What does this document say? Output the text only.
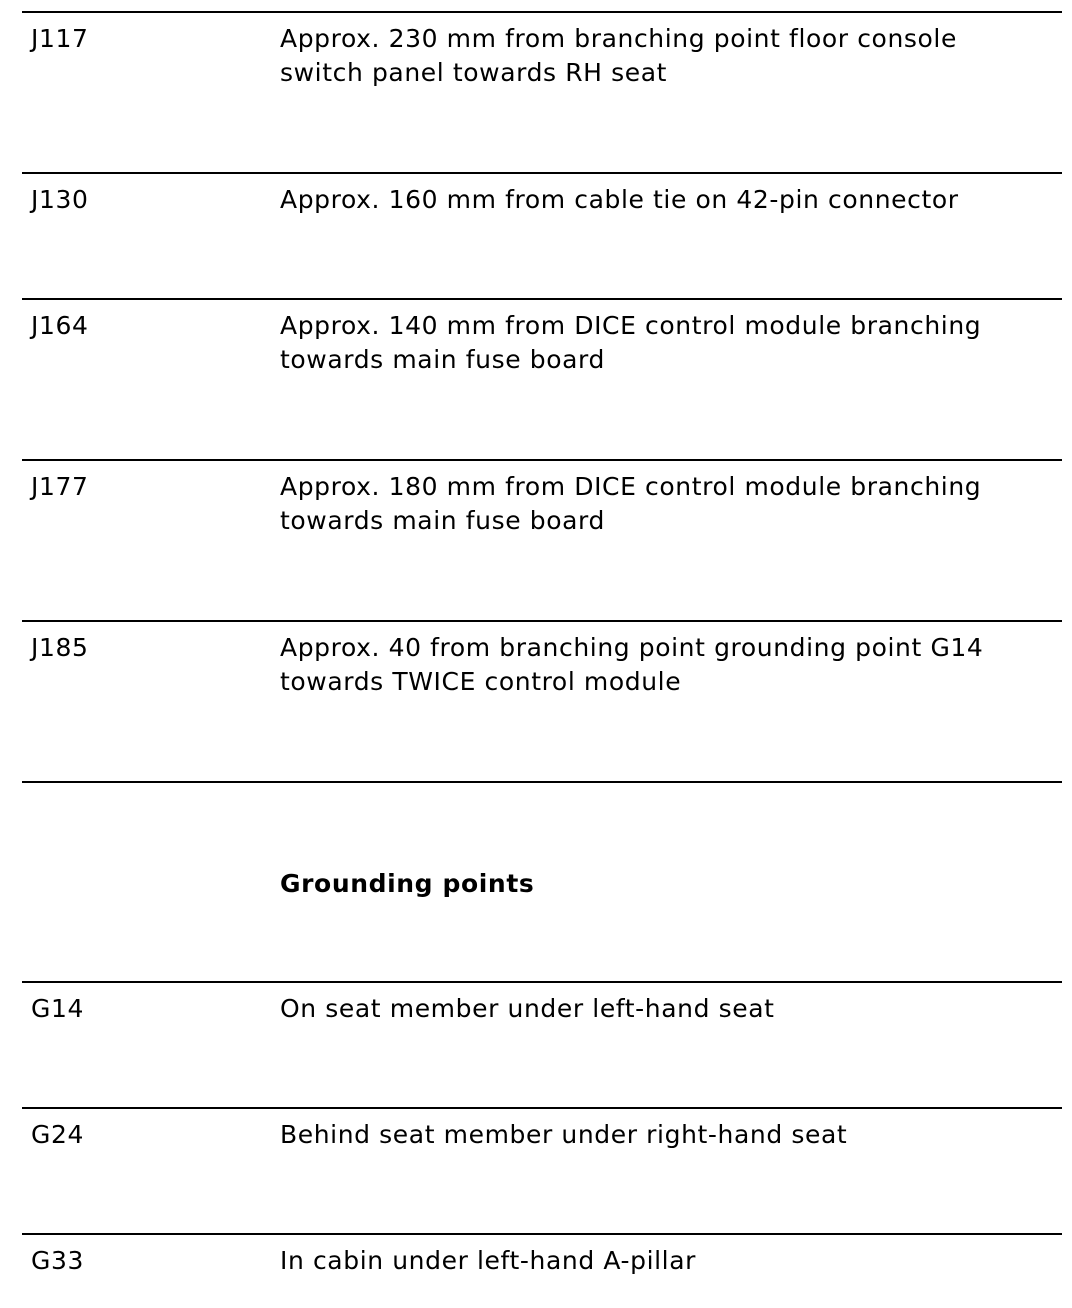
J117	Approx. 230 mm from branching point floor console
switch panel towards RH seat
J130	Approx. 160 mm from cable tie on 42-pin connector
J164	Approx. 140 mm from DICE control module branching
towards main fuse board
J177	Approx. 180 mm from DICE control module branching
towards main fuse board
J185	Approx. 40 from branching point grounding point G14
towards TWICE control module
Grounding points
G14	On seat member under left-hand seat
G24	Behind seat member under right-hand seat
G33	In cabin under left-hand A-pillar
